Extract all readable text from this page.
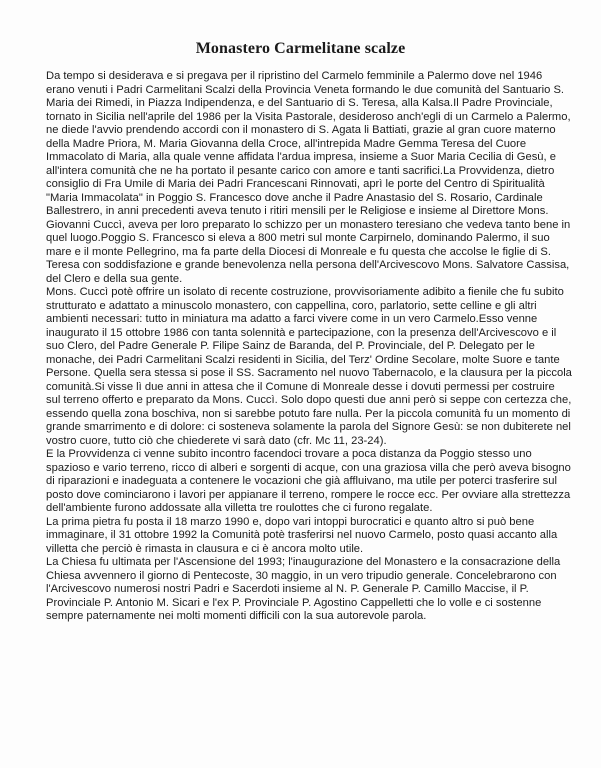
Monastero Carmelitane scalze

Da tempo si desiderava e si pregava per il ripristino del Carmelo femminile a Palermo dove nel 1946 erano venuti i Padri Carmelitani Scalzi della Provincia Veneta formando le due comunità del Santuario S. Maria dei Rimedi, in Piazza Indipendenza, e del Santuario di S. Teresa, alla Kalsa.Il Padre Provinciale, tornato in Sicilia nell'aprile del 1986 per la Visita Pastorale, desideroso anch'egli di un Carmelo a Palermo, ne diede l'avvio prendendo accordi con il monastero di S. Agata li Battiati, grazie al gran cuore materno della Madre Priora, M. Maria Giovanna della Croce, all'intrepida Madre Gemma Teresa del Cuore Immacolato di Maria, alla quale venne affidata l'ardua impresa, insieme a Suor Maria Cecilia di Gesù, e all'intera comunità che ne ha portato il pesante carico con amore e tanti sacrifici.La Provvidenza, dietro consiglio di Fra Umile di Maria dei Padri Francescani Rinnovati, aprì le porte del Centro di Spiritualità "Maria Immacolata" in Poggio S. Francesco dove anche il Padre Anastasio del S. Rosario, Cardinale Ballestrero, in anni precedenti aveva tenuto i ritiri mensili per le Religiose e insieme al Direttore Mons. Giovanni Cuccì, aveva per loro preparato lo schizzo per un monastero teresiano che vedeva tanto bene in quel luogo.Poggio S. Francesco si eleva a 800 metri sul monte Carpirnelo, dominando Palermo, il suo mare e il monte Pellegrino, ma fa parte della Diocesi di Monreale e fu questa che accolse le figlie di S. Teresa con soddisfazione e grande benevolenza nella persona dell'Arcivescovo Mons. Salvatore Cassisa, del Clero e della sua gente.

Mons. Cuccì potè offrire un isolato di recente costruzione, provvisoriamente adibito a fienile che fu subito strutturato e adattato a minuscolo monastero, con cappellina, coro, parlatorio, sette celline e gli altri ambienti necessari: tutto in miniatura ma adatto a farci vivere come in un vero Carmelo.Esso venne inaugurato il 15 ottobre 1986 con tanta solennità e partecipazione, con la presenza dell'Arcivescovo e il suo Clero, del Padre Generale P. Filipe Sainz de Baranda, del P. Provinciale, del P. Delegato per le monache, dei Padri Carmelitani Scalzi residenti in Sicilia, del Terz' Ordine Secolare, molte Suore e tante Persone. Quella sera stessa si pose il SS. Sacramento nel nuovo Tabernacolo, e la clausura per la piccola comunità.Si visse lì due anni in attesa che il Comune di Monreale desse i dovuti permessi per costruire sul terreno offerto e preparato da Mons. Cuccì. Solo dopo questi due anni però si seppe con certezza che, essendo quella zona boschiva, non si sarebbe potuto fare nulla. Per la piccola comunità fu un momento di grande smarrimento e di dolore: ci sosteneva solamente la parola del Signore Gesù: se non dubiterete nel vostro cuore, tutto ciò che chiederete vi sarà dato (cfr. Mc 11, 23-24).

E la Provvidenza ci venne subito incontro facendoci trovare a poca distanza da Poggio stesso uno spazioso e vario terreno, ricco di alberi e sorgenti di acque, con una graziosa villa che però aveva bisogno di riparazioni e inadeguata a contenere le vocazioni che già affluivano, ma utile per poterci trasferire sul posto dove cominciarono i lavori per appianare il terreno, rompere le rocce ecc. Per ovviare alla strettezza dell'ambiente furono addossate alla villetta tre roulottes che ci furono regalate.

La prima pietra fu posta il 18 marzo 1990 e, dopo vari intoppi burocratici e quanto altro si può bene immaginare, il 31 ottobre 1992 la Comunità potè trasferirsi nel nuovo Carmelo, posto quasi accanto alla villetta che perciò è rimasta in clausura e ci è ancora molto utile.

La Chiesa fu ultimata per l'Ascensione del 1993; l'inaugurazione del Monastero e la consacrazione della Chiesa avvennero il giorno di Pentecoste, 30 maggio, in un vero tripudio generale. Concelebrarono con l'Arcivescovo numerosi nostri Padri e Sacerdoti insieme al N. P. Generale P. Camillo Maccise, il P. Provinciale P. Antonio M. Sicari e l'ex P. Provinciale P. Agostino Cappelletti che lo volle e ci sostenne sempre paternamente nei molti momenti difficili con la sua autorevole parola.
